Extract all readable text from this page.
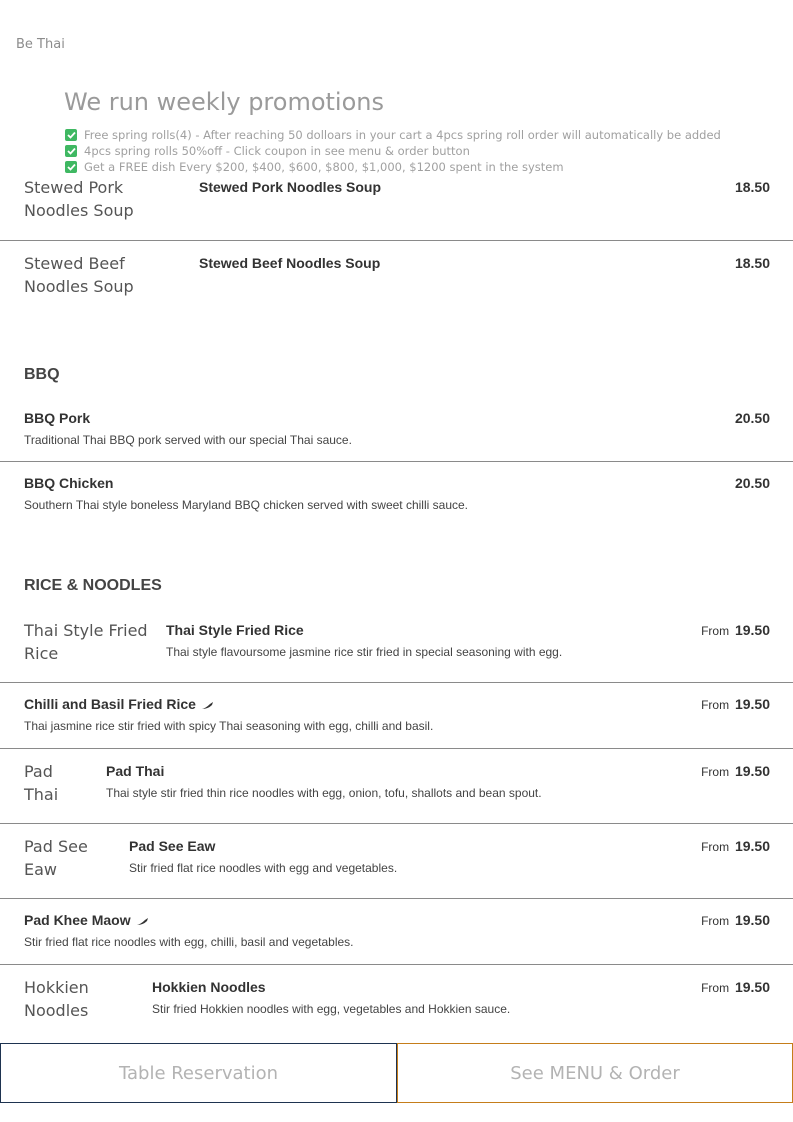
Stewed Pork
Noodles Soup
Stewed Pork Noodles Soup	18.50
Stewed Beef
Noodles Soup
Stewed Beef Noodles Soup	18.50
BBQ
BBQ Pork
Traditional Thai BBQ pork served with our special Thai sauce.
20.50
BBQ Chicken
Southern Thai style boneless Maryland BBQ chicken served with sweet chilli sauce.
20.50
RICE & NOODLES
Thai Style Fried
Rice
Thai Style Fried Rice
Thai style flavoursome jasmine rice stir fried in special seasoning with egg.
From 19.50
Chilli and Basil Fried Rice
Thai jasmine rice stir fried with spicy Thai seasoning with egg, chilli and basil.
From 19.50
Pad
Thai
Pad Thai
Thai style stir fried thin rice noodles with egg, onion, tofu, shallots and bean spout.
From 19.50
Pad See
Eaw
Pad See Eaw
Stir fried flat rice noodles with egg and vegetables.
From 19.50
Pad Khee Maow
Stir fried flat rice noodles with egg, chilli, basil and vegetables.
From 19.50
Hokkien
Noodles
Hokkien Noodles
Stir fried Hokkien noodles with egg, vegetables and Hokkien sauce.
From 19.50
Be Thai
We run weekly promotions
Free spring rolls(4) - After reaching 50 dolloars in your cart a 4pcs spring roll order will automatically be added
4pcs spring rolls 50%off - Click coupon in see menu & order button
Get a FREE dish Every $200, $400, $600, $800, $1,000, $1200 spent in the system
Table Reservation	See MENU & Order
